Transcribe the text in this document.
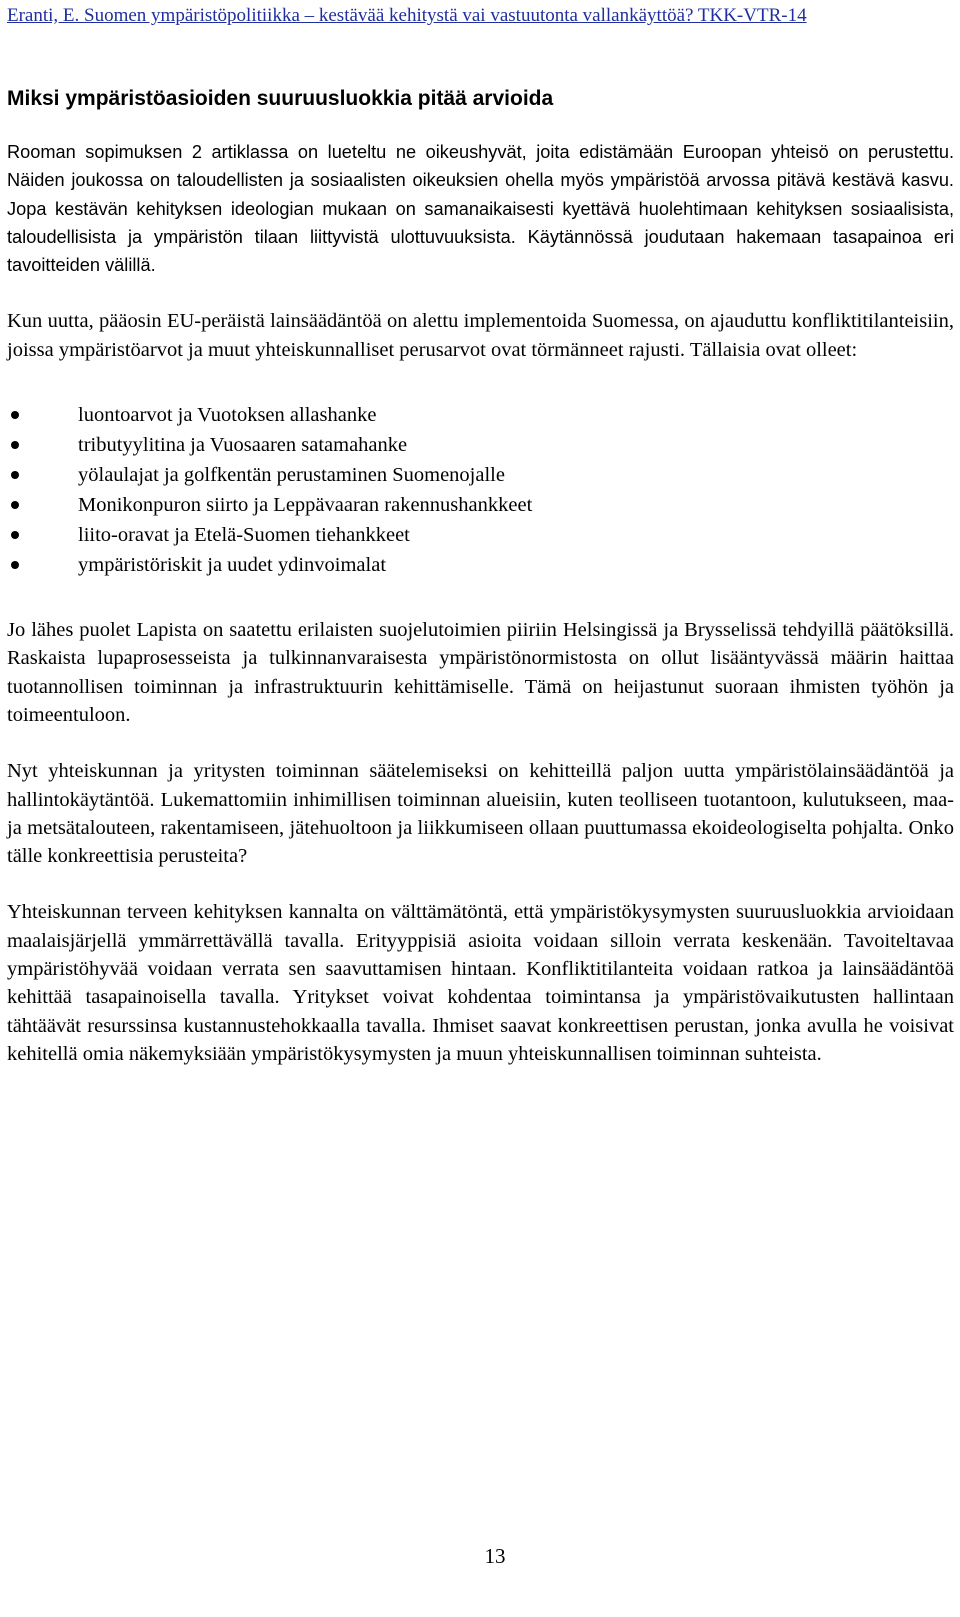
Eranti, E. Suomen ympäristöpolitiikka – kestävää kehitystä vai vastuutonta vallankäyttöä? TKK-VTR-14
Miksi ympäristöasioiden suuruusluokkia pitää arvioida

Rooman sopimuksen 2 artiklassa on lueteltu ne oikeushyvät, joita edistämään Euroopan yhteisö on perustettu. Näiden joukossa on taloudellisten ja sosiaalisten oikeuksien ohella myös ympäristöä arvossa pitävä kestävä kasvu. Jopa kestävän kehityksen ideologian mukaan on samanaikaisesti kyettävä huolehtimaan kehityksen sosiaalisista, taloudellisista ja ympäristön tilaan liittyvistä ulottuvuuksista. Käytännössä joudutaan hakemaan tasapainoa eri tavoitteiden välillä.

Kun uutta, pääosin EU-peräistä lainsäädäntöä on alettu implementoida Suomessa, on ajauduttu konfliktitilanteisiin, joissa ympäristöarvot ja muut yhteiskunnalliset perusarvot ovat törmänneet rajusti. Tällaisia ovat olleet:

luontoarvot ja Vuotoksen allashanke
tributyylitina ja Vuosaaren satamahanke
yölaulajat ja golfkentän perustaminen Suomenojalle
Monikonpuron siirto ja Leppävaaran rakennushankkeet
liito-oravat ja Etelä-Suomen tiehankkeet
ympäristöriskit ja uudet ydinvoimalat

Jo lähes puolet Lapista on saatettu erilaisten suojelutoimien piiriin Helsingissä ja Brysselissä tehdyillä päätöksillä. Raskaista lupaprosesseista ja tulkinnanvaraisesta ympäristönormistosta on ollut lisääntyvässä määrin haittaa tuotannollisen toiminnan ja infrastruktuurin kehittämiselle. Tämä on heijastunut suoraan ihmisten työhön ja toimeentuloon.

Nyt yhteiskunnan ja yritysten toiminnan säätelemiseksi on kehitteillä paljon uutta ympäristölainsäädäntöä ja hallintokäytäntöä. Lukemattomiin inhimillisen toiminnan alueisiin, kuten teolliseen tuotantoon, kulutukseen, maa- ja metsätalouteen, rakentamiseen, jätehuoltoon ja liikkumiseen ollaan puuttumassa ekoideologiselta pohjalta. Onko tälle konkreettisia perusteita?

Yhteiskunnan terveen kehityksen kannalta on välttämätöntä, että ympäristökysymysten suuruusluokkia arvioidaan maalaisjärjellä ymmärrettävällä tavalla. Erityyppisiä asioita voidaan silloin verrata keskenään. Tavoiteltavaa ympäristöhyvää voidaan verrata sen saavuttamisen hintaan. Konfliktitilanteita voidaan ratkoa ja lainsäädäntöä kehittää tasapainoisella tavalla. Yritykset voivat kohdentaa toimintansa ja ympäristövaikutusten hallintaan tähtäävät resurssinsa kustannustehokkaalla tavalla. Ihmiset saavat konkreettisen perustan, jonka avulla he voisivat kehitellä omia näkemyksiään ympäristökysymysten ja muun yhteiskunnallisen toiminnan suhteista.

13
